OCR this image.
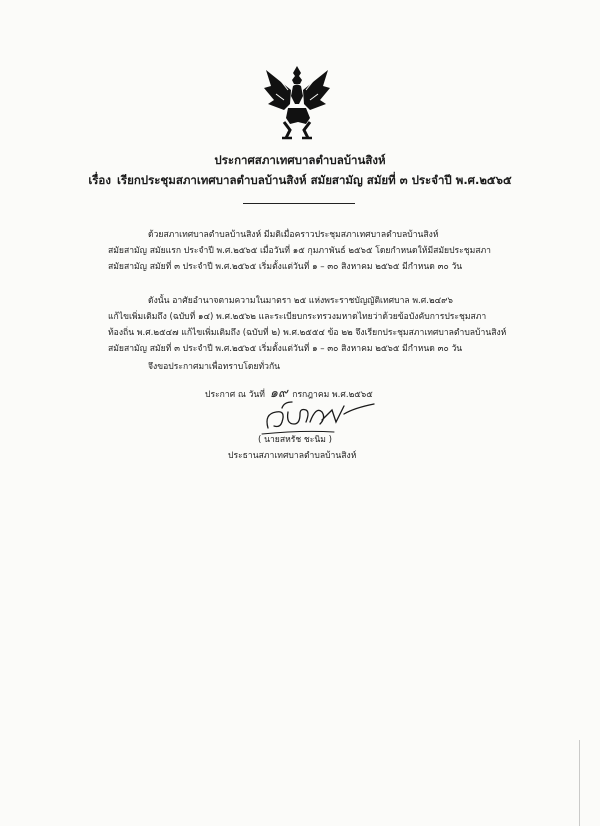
ประกาศสภาเทศบาลตำบลบ้านสิงห์
เรื่อง เรียกประชุมสภาเทศบาลตำบลบ้านสิงห์ สมัยสามัญ สมัยที่ ๓ ประจำปี พ.ศ.๒๕๖๕
ด้วยสภาเทศบาลตำบลบ้านสิงห์ มีมติเมื่อคราวประชุมสภาเทศบาลตำบลบ้านสิงห์
สมัยสามัญ สมัยแรก ประจำปี พ.ศ.๒๕๖๕ เมื่อวันที่ ๑๕ กุมภาพันธ์ ๒๕๖๕ โดยกำหนดให้มีสมัยประชุมสภา
สมัยสามัญ สมัยที่ ๓ ประจำปี พ.ศ.๒๕๖๕ เริ่มตั้งแต่วันที่ ๑ – ๓๐ สิงหาคม ๒๕๖๕ มีกำหนด ๓๐ วัน
ดังนั้น อาศัยอำนาจตามความในมาตรา ๒๕ แห่งพระราชบัญญัติเทศบาล พ.ศ.๒๔๙๖
แก้ไขเพิ่มเติมถึง (ฉบับที่ ๑๔) พ.ศ.๒๕๖๒ และระเบียบกระทรวงมหาดไทยว่าด้วยข้อบังคับการประชุมสภา
ท้องถิ่น พ.ศ.๒๕๔๗ แก้ไขเพิ่มเติมถึง (ฉบับที่ ๒) พ.ศ.๒๕๕๔ ข้อ ๒๒ จึงเรียกประชุมสภาเทศบาลตำบลบ้านสิงห์
สมัยสามัญ สมัยที่ ๓ ประจำปี พ.ศ.๒๕๖๕ เริ่มตั้งแต่วันที่ ๑ – ๓๐ สิงหาคม ๒๕๖๕ มีกำหนด ๓๐ วัน
จึงขอประกาศมาเพื่อทราบโดยทั่วกัน
ประกาศ ณ วันที่ ๑๙ กรกฎาคม พ.ศ.๒๕๖๕
( นายสหรัช ชะนิม )
ประธานสภาเทศบาลตำบลบ้านสิงห์
